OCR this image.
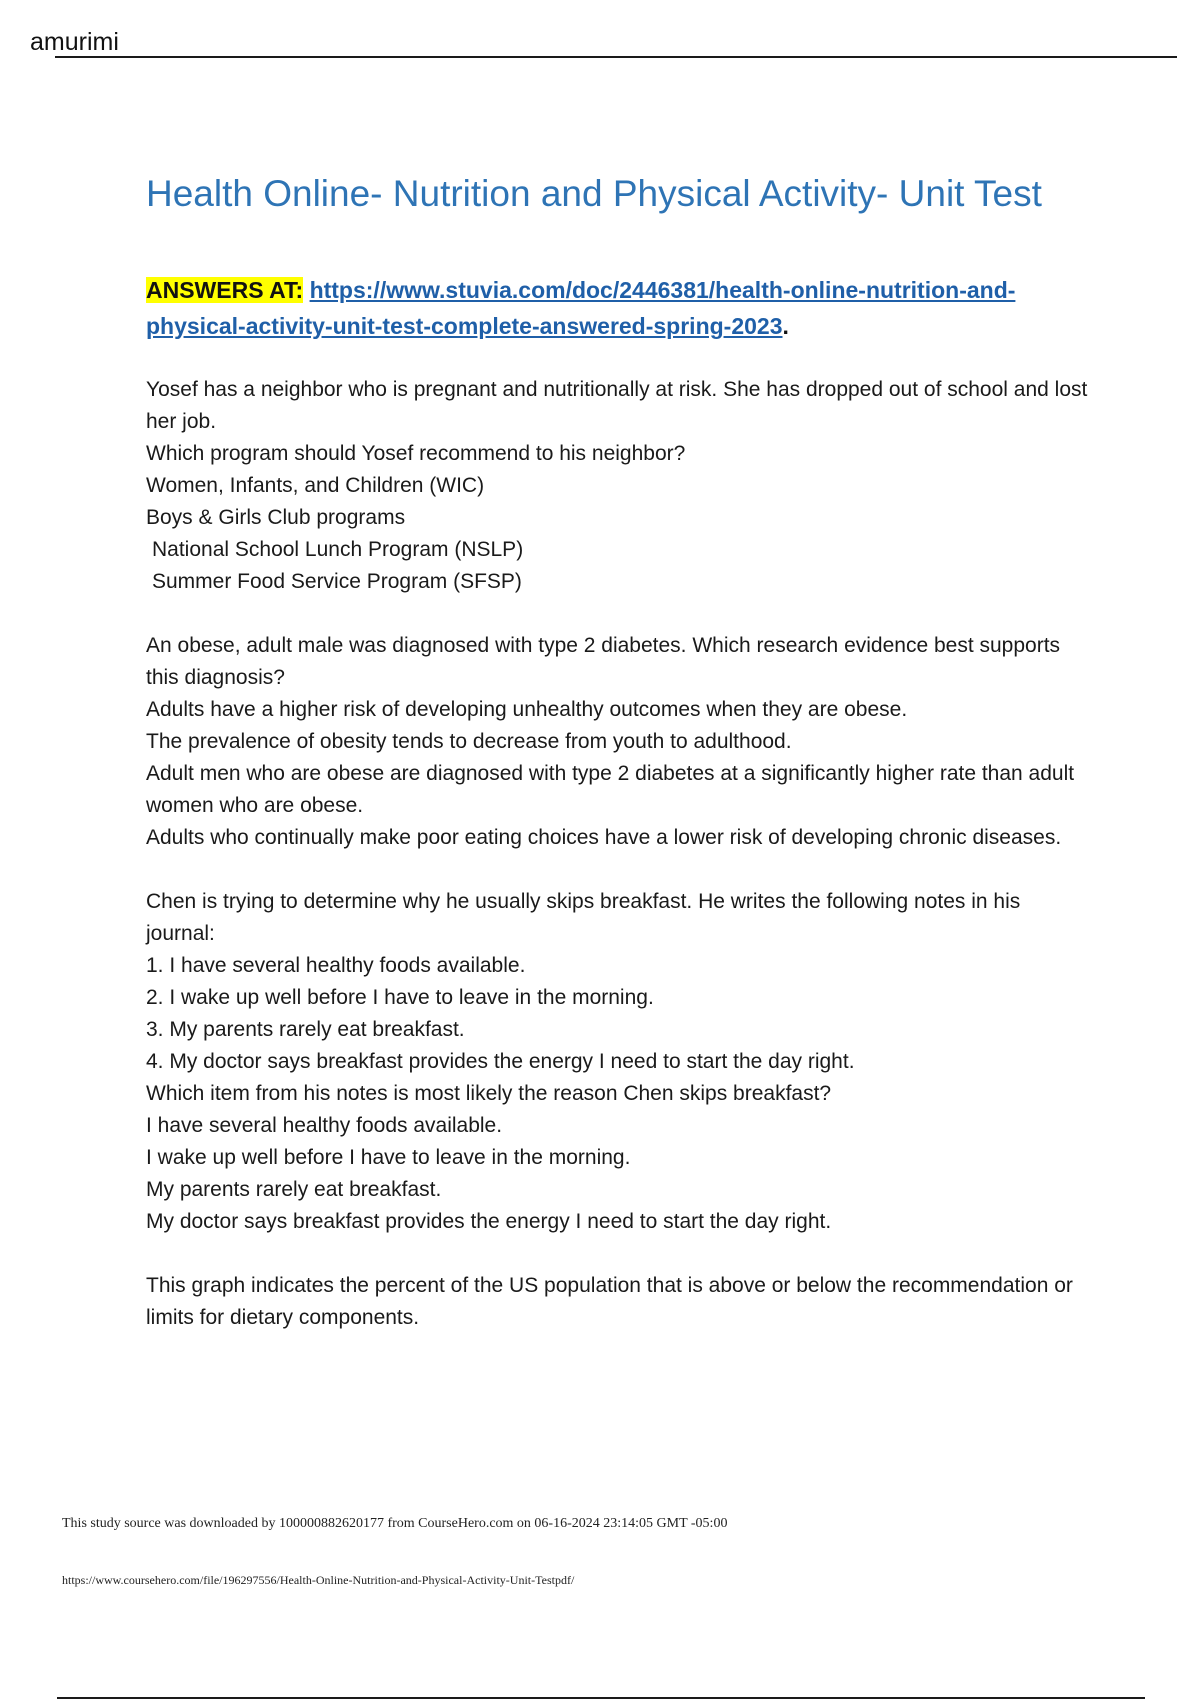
amurimi
Health Online- Nutrition and Physical Activity- Unit Test
ANSWERS AT: https://www.stuvia.com/doc/2446381/health-online-nutrition-and-physical-activity-unit-test-complete-answered-spring-2023.

Yosef has a neighbor who is pregnant and nutritionally at risk. She has dropped out of school and lost her job.

Which program should Yosef recommend to his neighbor?

Women, Infants, and Children (WIC)

Boys & Girls Club programs

National School Lunch Program (NSLP)

Summer Food Service Program (SFSP)

An obese, adult male was diagnosed with type 2 diabetes. Which research evidence best supports this diagnosis?

Adults have a higher risk of developing unhealthy outcomes when they are obese.

The prevalence of obesity tends to decrease from youth to adulthood.

Adult men who are obese are diagnosed with type 2 diabetes at a significantly higher rate than adult women who are obese.

Adults who continually make poor eating choices have a lower risk of developing chronic diseases.

Chen is trying to determine why he usually skips breakfast. He writes the following notes in his journal:

1. I have several healthy foods available.

2. I wake up well before I have to leave in the morning.

3. My parents rarely eat breakfast.

4. My doctor says breakfast provides the energy I need to start the day right.

Which item from his notes is most likely the reason Chen skips breakfast?

I have several healthy foods available.

I wake up well before I have to leave in the morning.

My parents rarely eat breakfast.

My doctor says breakfast provides the energy I need to start the day right.

This graph indicates the percent of the US population that is above or below the recommendation or limits for dietary components.

This study source was downloaded by 100000882620177 from CourseHero.com on 06-16-2024 23:14:05 GMT -05:00
https://www.coursehero.com/file/196297556/Health-Online-Nutrition-and-Physical-Activity-Unit-Testpdf/
